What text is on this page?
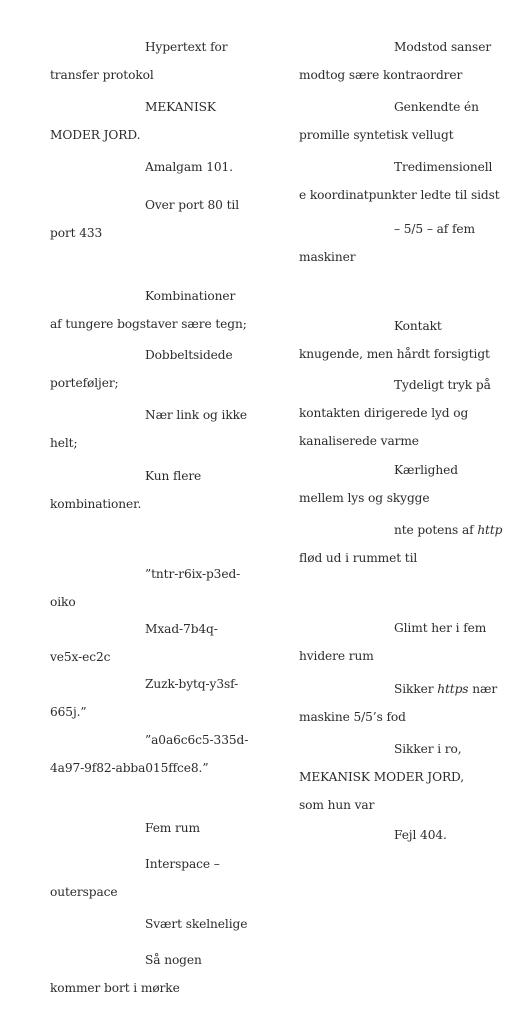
Hypertext for
transfer protokol
MEKANISK
MODER JORD.
Amalgam 101.
Over port 80 til
port 433
Kombinationer
af tungere bogstaver sære tegn;
Dobbeltsidede
porteføljer;
Nær link og ikke
helt;
Kun flere
kombinationer.
”tntr-r6ix-p3ed-
oiko
Mxad-7b4q-
ve5x-ec2c
Zuzk-bytq-y3sf-
665j.”
”a0a6c6c5-335d-
4a97-9f82-abba015ffce8.”
Fem rum
Interspace –
outerspace
Svært skelnelige
Så nogen
kommer bort i mørke
Modstod sanser
modtog sære kontraordrer
Genkendte én
promille syntetisk vellugt
Tredimensionell
e koordinatpunkter ledte til sidst
– 5/5 – af fem
maskiner
Kontakt
knugende, men hårdt forsigtigt
Tydeligt tryk på
kontakten dirigerede lyd og
kanaliserede varme
Kærlighed
mellem lys og skygge
nte potens af http
flød ud i rummet til
Glimt her i fem
hvidere rum
Sikker https nær
maskine 5/5’s fod
Sikker i ro,
MEKANISK MODER JORD,
som hun var
Fejl 404.
